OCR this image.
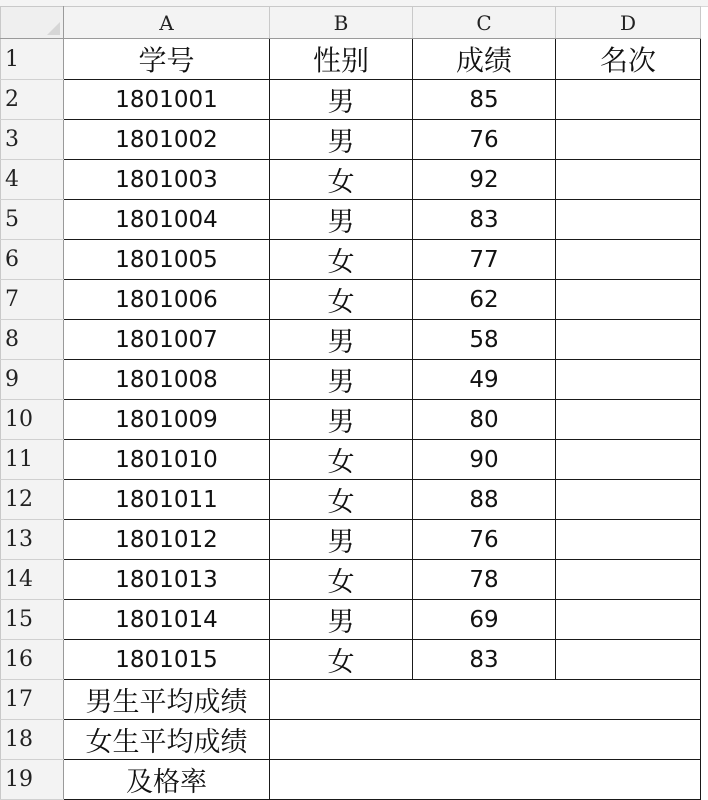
	A	B	C	D
1	学号	性别	成绩	名次
2	1801001	男	85	
3	1801002	男	76	
4	1801003	女	92	
5	1801004	男	83	
6	1801005	女	77	
7	1801006	女	62	
8	1801007	男	58	
9	1801008	男	49	
10	1801009	男	80	
11	1801010	女	90	
12	1801011	女	88	
13	1801012	男	76	
14	1801013	女	78	
15	1801014	男	69	
16	1801015	女	83	
17	男生平均成绩			
18	女生平均成绩			
19	及格率			
